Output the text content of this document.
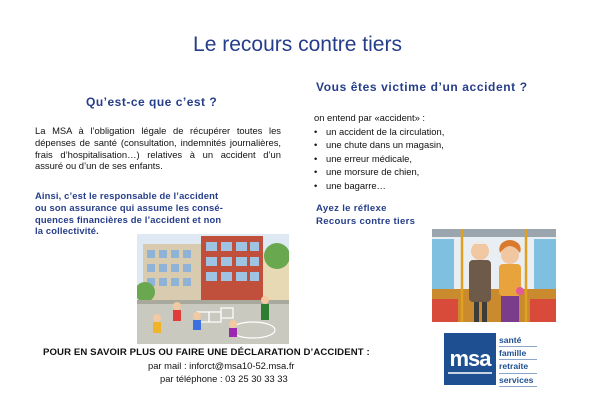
Le recours contre tiers
Qu’est-ce que c’est ?
La MSA à l’obligation légale de récupérer toutes les dépenses de santé (consultation, indemnités journalières, frais d’hospitalisation…) relatives à un accident d’un assuré ou d’un de ses enfants.
Ainsi, c’est le responsable de l’accident
ou son assurance qui assume les consé-
quences financières de l’accident et non
la collectivité.
Vous êtes victime d’un accident ?
on entend par «accident» :
• un accident de la circulation,
• une chute dans un magasin,
• une erreur médicale,
• une morsure de chien,
• une bagarre…
Ayez le réflexe
Recours contre tiers
POUR EN SAVOIR PLUS OU FAIRE UNE DÉCLARATION D’ACCIDENT :
par mail : inforct@msa10-52.msa.fr
par téléphone : 03 25 30 33 33
msa
santé
famille
retraite
services
